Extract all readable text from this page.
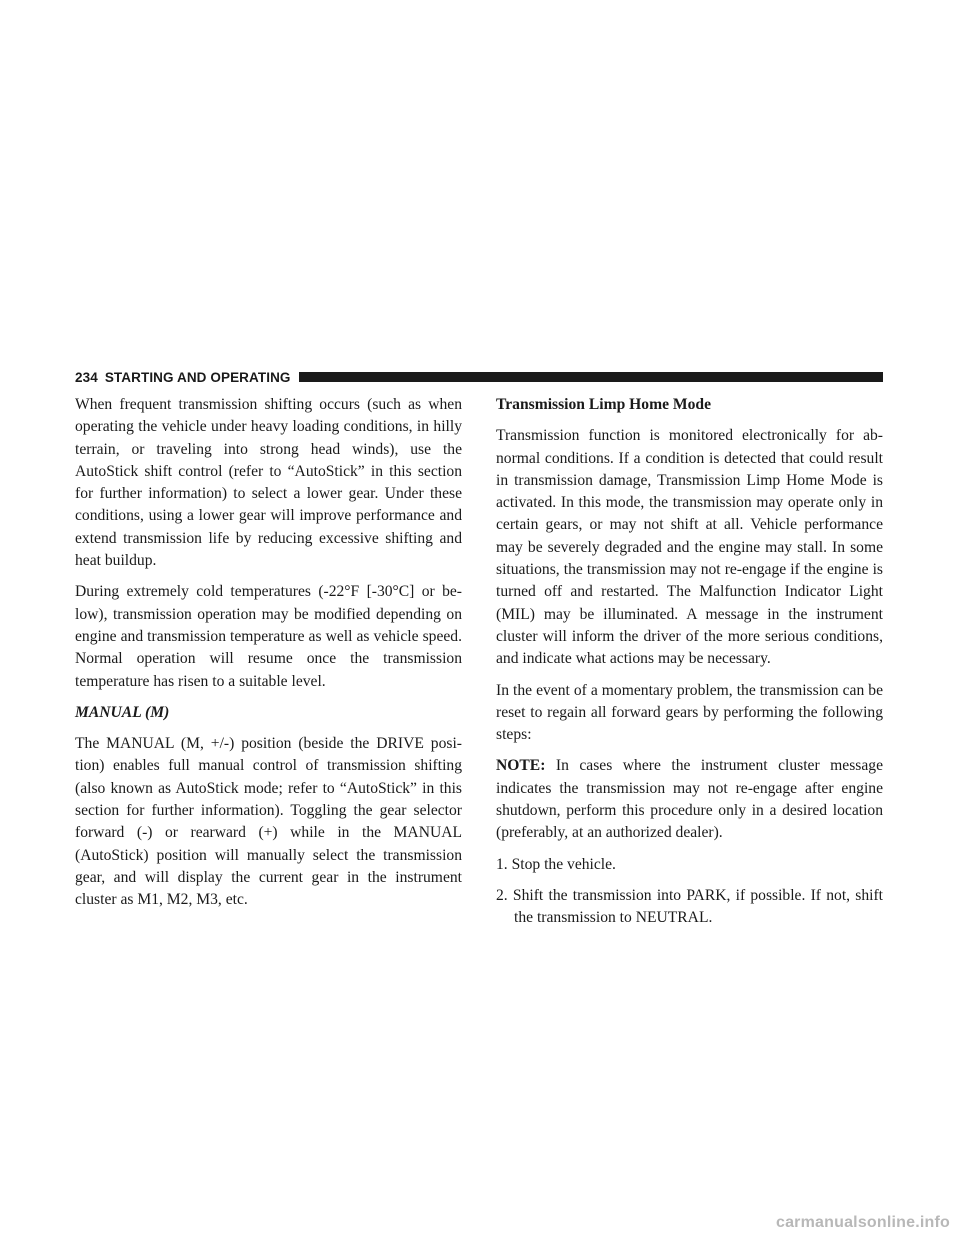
234 STARTING AND OPERATING

When frequent transmission shifting occurs (such as when operating the vehicle under heavy loading conditions, in hilly terrain, or traveling into strong head winds), use the AutoStick shift control (refer to “AutoStick” in this section for further information) to select a lower gear. Under these conditions, using a lower gear will improve performance and extend transmission life by reducing excessive shifting and heat buildup.

During extremely cold temperatures (-22°F [-30°C] or below), transmission operation may be modified depending on engine and transmission temperature as well as vehicle speed. Normal operation will resume once the transmission temperature has risen to a suitable level.

MANUAL (M)

The MANUAL (M, +/-) position (beside the DRIVE position) enables full manual control of transmission shifting (also known as AutoStick mode; refer to “AutoStick” in this section for further information). Toggling the gear selector forward (-) or rearward (+) while in the MANUAL (AutoStick) position will manually select the transmission gear, and will display the current gear in the instrument cluster as M1, M2, M3, etc.

Transmission Limp Home Mode

Transmission function is monitored electronically for abnormal conditions. If a condition is detected that could result in transmission damage, Transmission Limp Home Mode is activated. In this mode, the transmission may operate only in certain gears, or may not shift at all. Vehicle performance may be severely degraded and the engine may stall. In some situations, the transmission may not re-engage if the engine is turned off and restarted. The Malfunction Indicator Light (MIL) may be illuminated. A message in the instrument cluster will inform the driver of the more serious conditions, and indicate what actions may be necessary.

In the event of a momentary problem, the transmission can be reset to regain all forward gears by performing the following steps:

NOTE: In cases where the instrument cluster message indicates the transmission may not re-engage after engine shutdown, perform this procedure only in a desired location (preferably, at an authorized dealer).

1. Stop the vehicle.

2. Shift the transmission into PARK, if possible. If not, shift the transmission to NEUTRAL.

carmanualsonline.info
